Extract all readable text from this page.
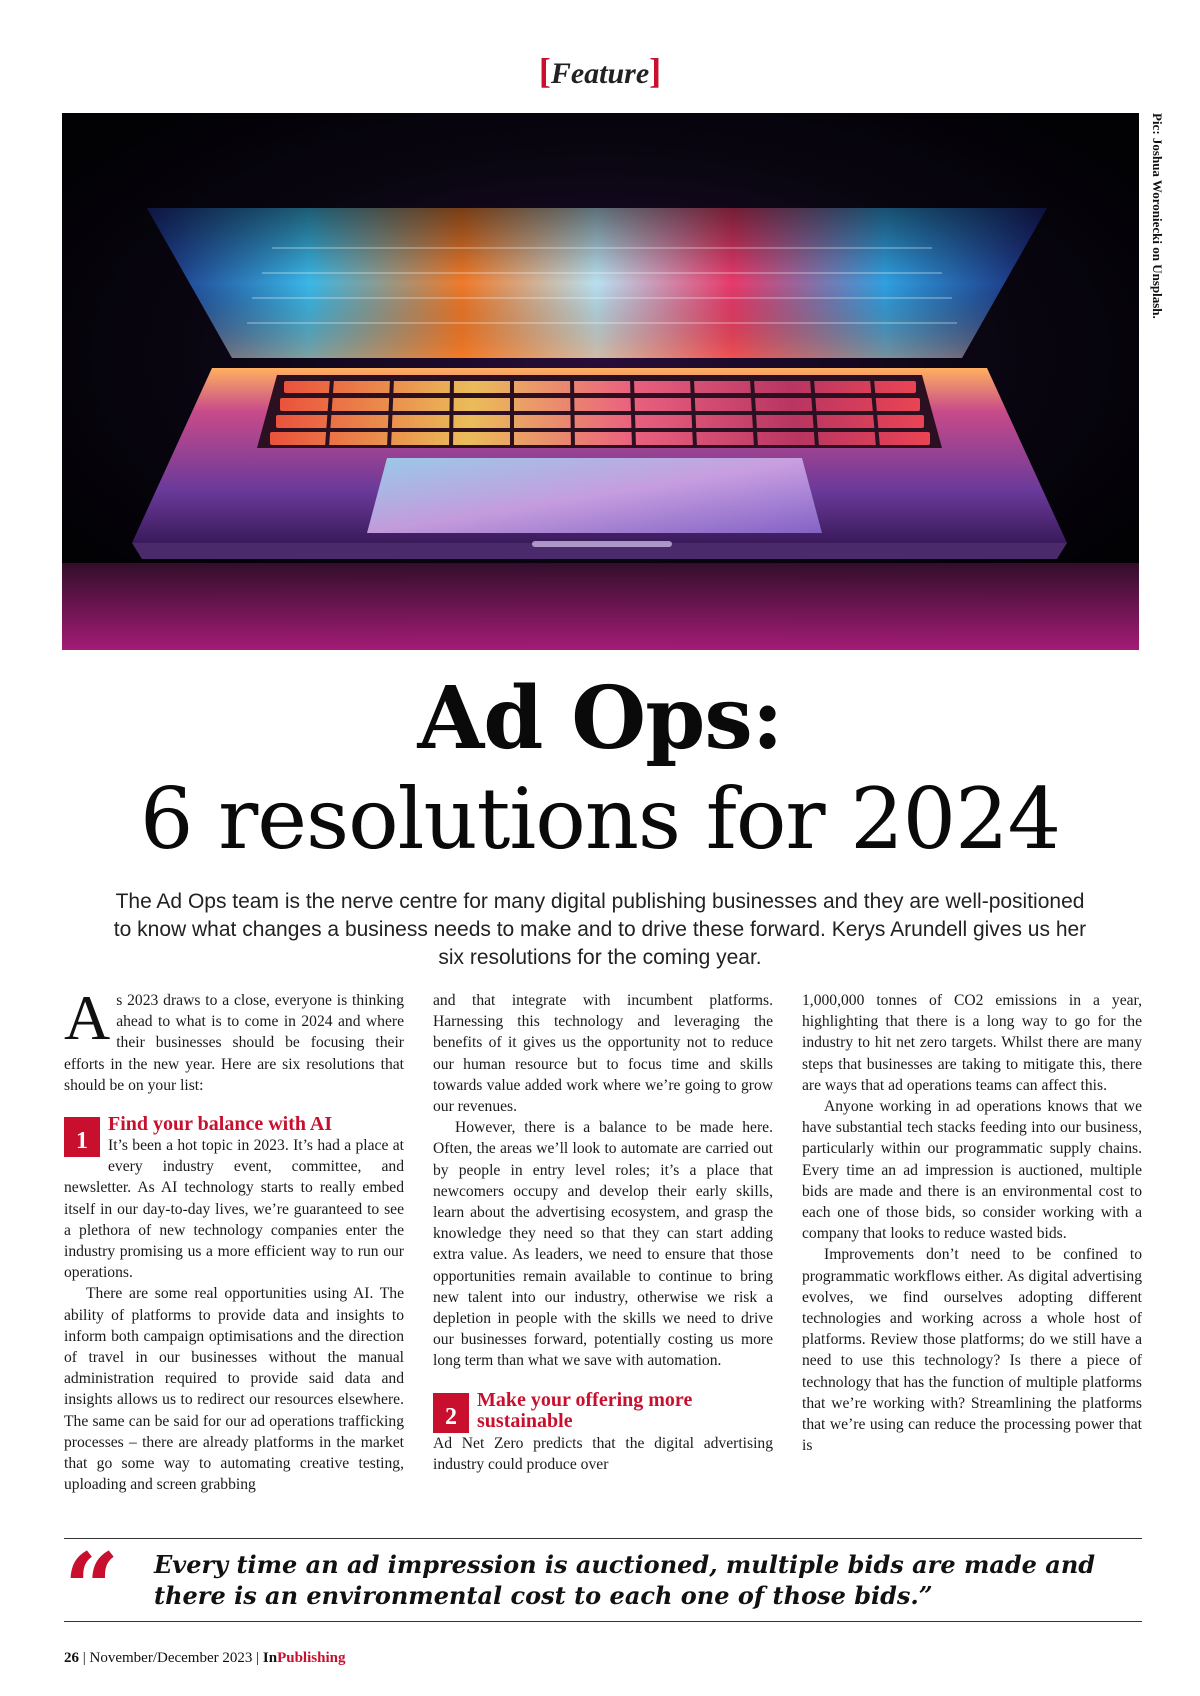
[Feature]
Pic: Joshua Woroniecki on Unsplash.
Ad Ops:
6 resolutions for 2024
The Ad Ops team is the nerve centre for many digital publishing businesses and they are well-positioned to know what changes a business needs to make and to drive these forward. Kerys Arundell gives us her six resolutions for the coming year.

As 2023 draws to a close, everyone is thinking ahead to what is to come in 2024 and where their businesses should be focusing their efforts in the new year. Here are six resolutions that should be on your list:

1
Find your balance with AI

It’s been a hot topic in 2023. It’s had a place at every industry event, committee, and newsletter. As AI technology starts to really embed itself in our day-to-day lives, we’re guaranteed to see a plethora of new technology companies enter the industry promising us a more efficient way to run our operations.

There are some real opportunities using AI. The ability of platforms to provide data and insights to inform both campaign optimisations and the direction of travel in our businesses without the manual administration required to provide said data and insights allows us to redirect our resources elsewhere. The same can be said for our ad operations trafficking processes – there are already platforms in the market that go some way to automating creative testing, uploading and screen grabbing

and that integrate with incumbent platforms. Harnessing this technology and leveraging the benefits of it gives us the opportunity not to reduce our human resource but to focus time and skills towards value added work where we’re going to grow our revenues.

However, there is a balance to be made here. Often, the areas we’ll look to automate are carried out by people in entry level roles; it’s a place that newcomers occupy and develop their early skills, learn about the advertising ecosystem, and grasp the knowledge they need so that they can start adding extra value. As leaders, we need to ensure that those opportunities remain available to continue to bring new talent into our industry, otherwise we risk a depletion in people with the skills we need to drive our businesses forward, potentially costing us more long term than what we save with automation.

2
Make your offering more sustainable

Ad Net Zero predicts that the digital advertising industry could produce over

1,000,000 tonnes of CO2 emissions in a year, highlighting that there is a long way to go for the industry to hit net zero targets. Whilst there are many steps that businesses are taking to mitigate this, there are ways that ad operations teams can affect this.

Anyone working in ad operations knows that we have substantial tech stacks feeding into our business, particularly within our programmatic supply chains. Every time an ad impression is auctioned, multiple bids are made and there is an environmental cost to each one of those bids, so consider working with a company that looks to reduce wasted bids.

Improvements don’t need to be confined to programmatic workflows either. As digital advertising evolves, we find ourselves adopting different technologies and working across a whole host of platforms. Review those platforms; do we still have a need to use this technology? Is there a piece of technology that has the function of multiple platforms that we’re working with? Streamlining the platforms that we’re using can reduce the processing power that is

“ Every time an ad impression is auctioned, multiple bids are made and there is an environmental cost to each one of those bids.”
26 | November/December 2023 | InPublishing
